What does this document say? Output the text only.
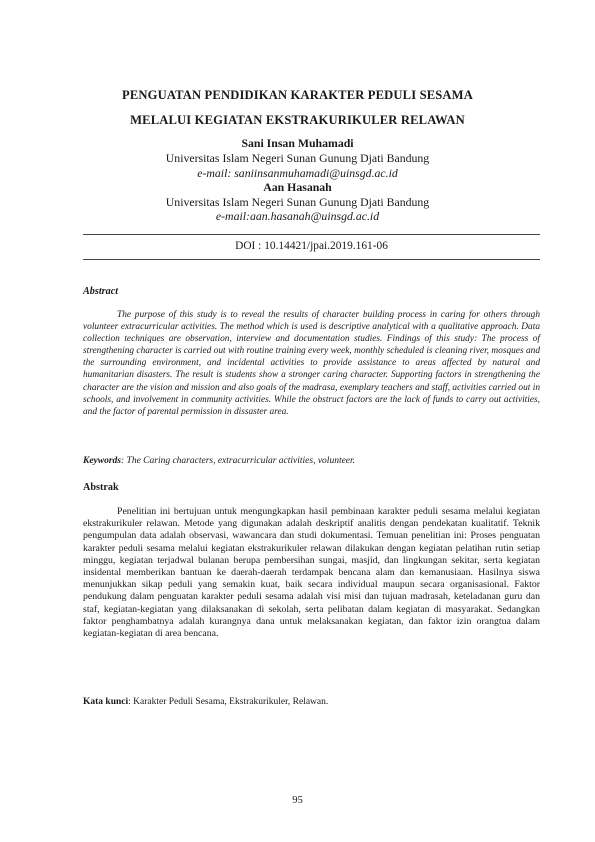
PENGUATAN PENDIDIKAN KARAKTER PEDULI SESAMA
MELALUI KEGIATAN EKSTRAKURIKULER RELAWAN
Sani Insan Muhamadi
Universitas Islam Negeri Sunan Gunung Djati Bandung
e-mail: saniinsanmuhamadi@uinsgd.ac.id
Aan Hasanah
Universitas Islam Negeri Sunan Gunung Djati Bandung
e-mail:aan.hasanah@uinsgd.ac.id
DOI : 10.14421/jpai.2019.161-06
Abstract

The purpose of this study is to reveal the results of character building process in caring for others through volunteer extracurricular activities. The method which is used is descriptive analytical with a qualitative approach. Data collection techniques are observation, interview and documentation studies. Findings of this study: The process of strengthening character is carried out with routine training every week, monthly scheduled is cleaning river, mosques and the surrounding environment, and incidental activities to provide assistance to areas affected by natural and humanitarian disasters. The result is students show a stronger caring character. Supporting factors in strengthening the character are the vision and mission and also goals of the madrasa, exemplary teachers and staff, activities carried out in schools, and involvement in community activities. While the obstruct factors are the lack of funds to carry out activities, and the factor of parental permission in dissaster area.

Keywords: The Caring characters, extracurricular activities, volunteer.
Abstrak

Penelitian ini bertujuan untuk mengungkapkan hasil pembinaan karakter peduli sesama melalui kegiatan ekstrakurikuler relawan. Metode yang digunakan adalah deskriptif analitis dengan pendekatan kualitatif. Teknik pengumpulan data adalah observasi, wawancara dan studi dokumentasi. Temuan penelitian ini: Proses penguatan karakter peduli sesama melalui kegiatan ekstrakurikuler relawan dilakukan dengan kegiatan pelatihan rutin setiap minggu, kegiatan terjadwal bulanan berupa pembersihan sungai, masjid, dan lingkungan sekitar, serta kegiatan insidental memberikan bantuan ke daerah-daerah terdampak bencana alam dan kemanusiaan. Hasilnya siswa menunjukkan sikap peduli yang semakin kuat, baik secara individual maupun secara organisasional. Faktor pendukung dalam penguatan karakter peduli sesama adalah visi misi dan tujuan madrasah, keteladanan guru dan staf, kegiatan-kegiatan yang dilaksanakan di sekolah, serta pelibatan dalam kegiatan di masyarakat. Sedangkan faktor penghambatnya adalah kurangnya dana untuk melaksanakan kegiatan, dan faktor izin orangtua dalam kegiatan-kegiatan di area bencana.

Kata kunci: Karakter Peduli Sesama, Ekstrakurikuler, Relawan.
95
